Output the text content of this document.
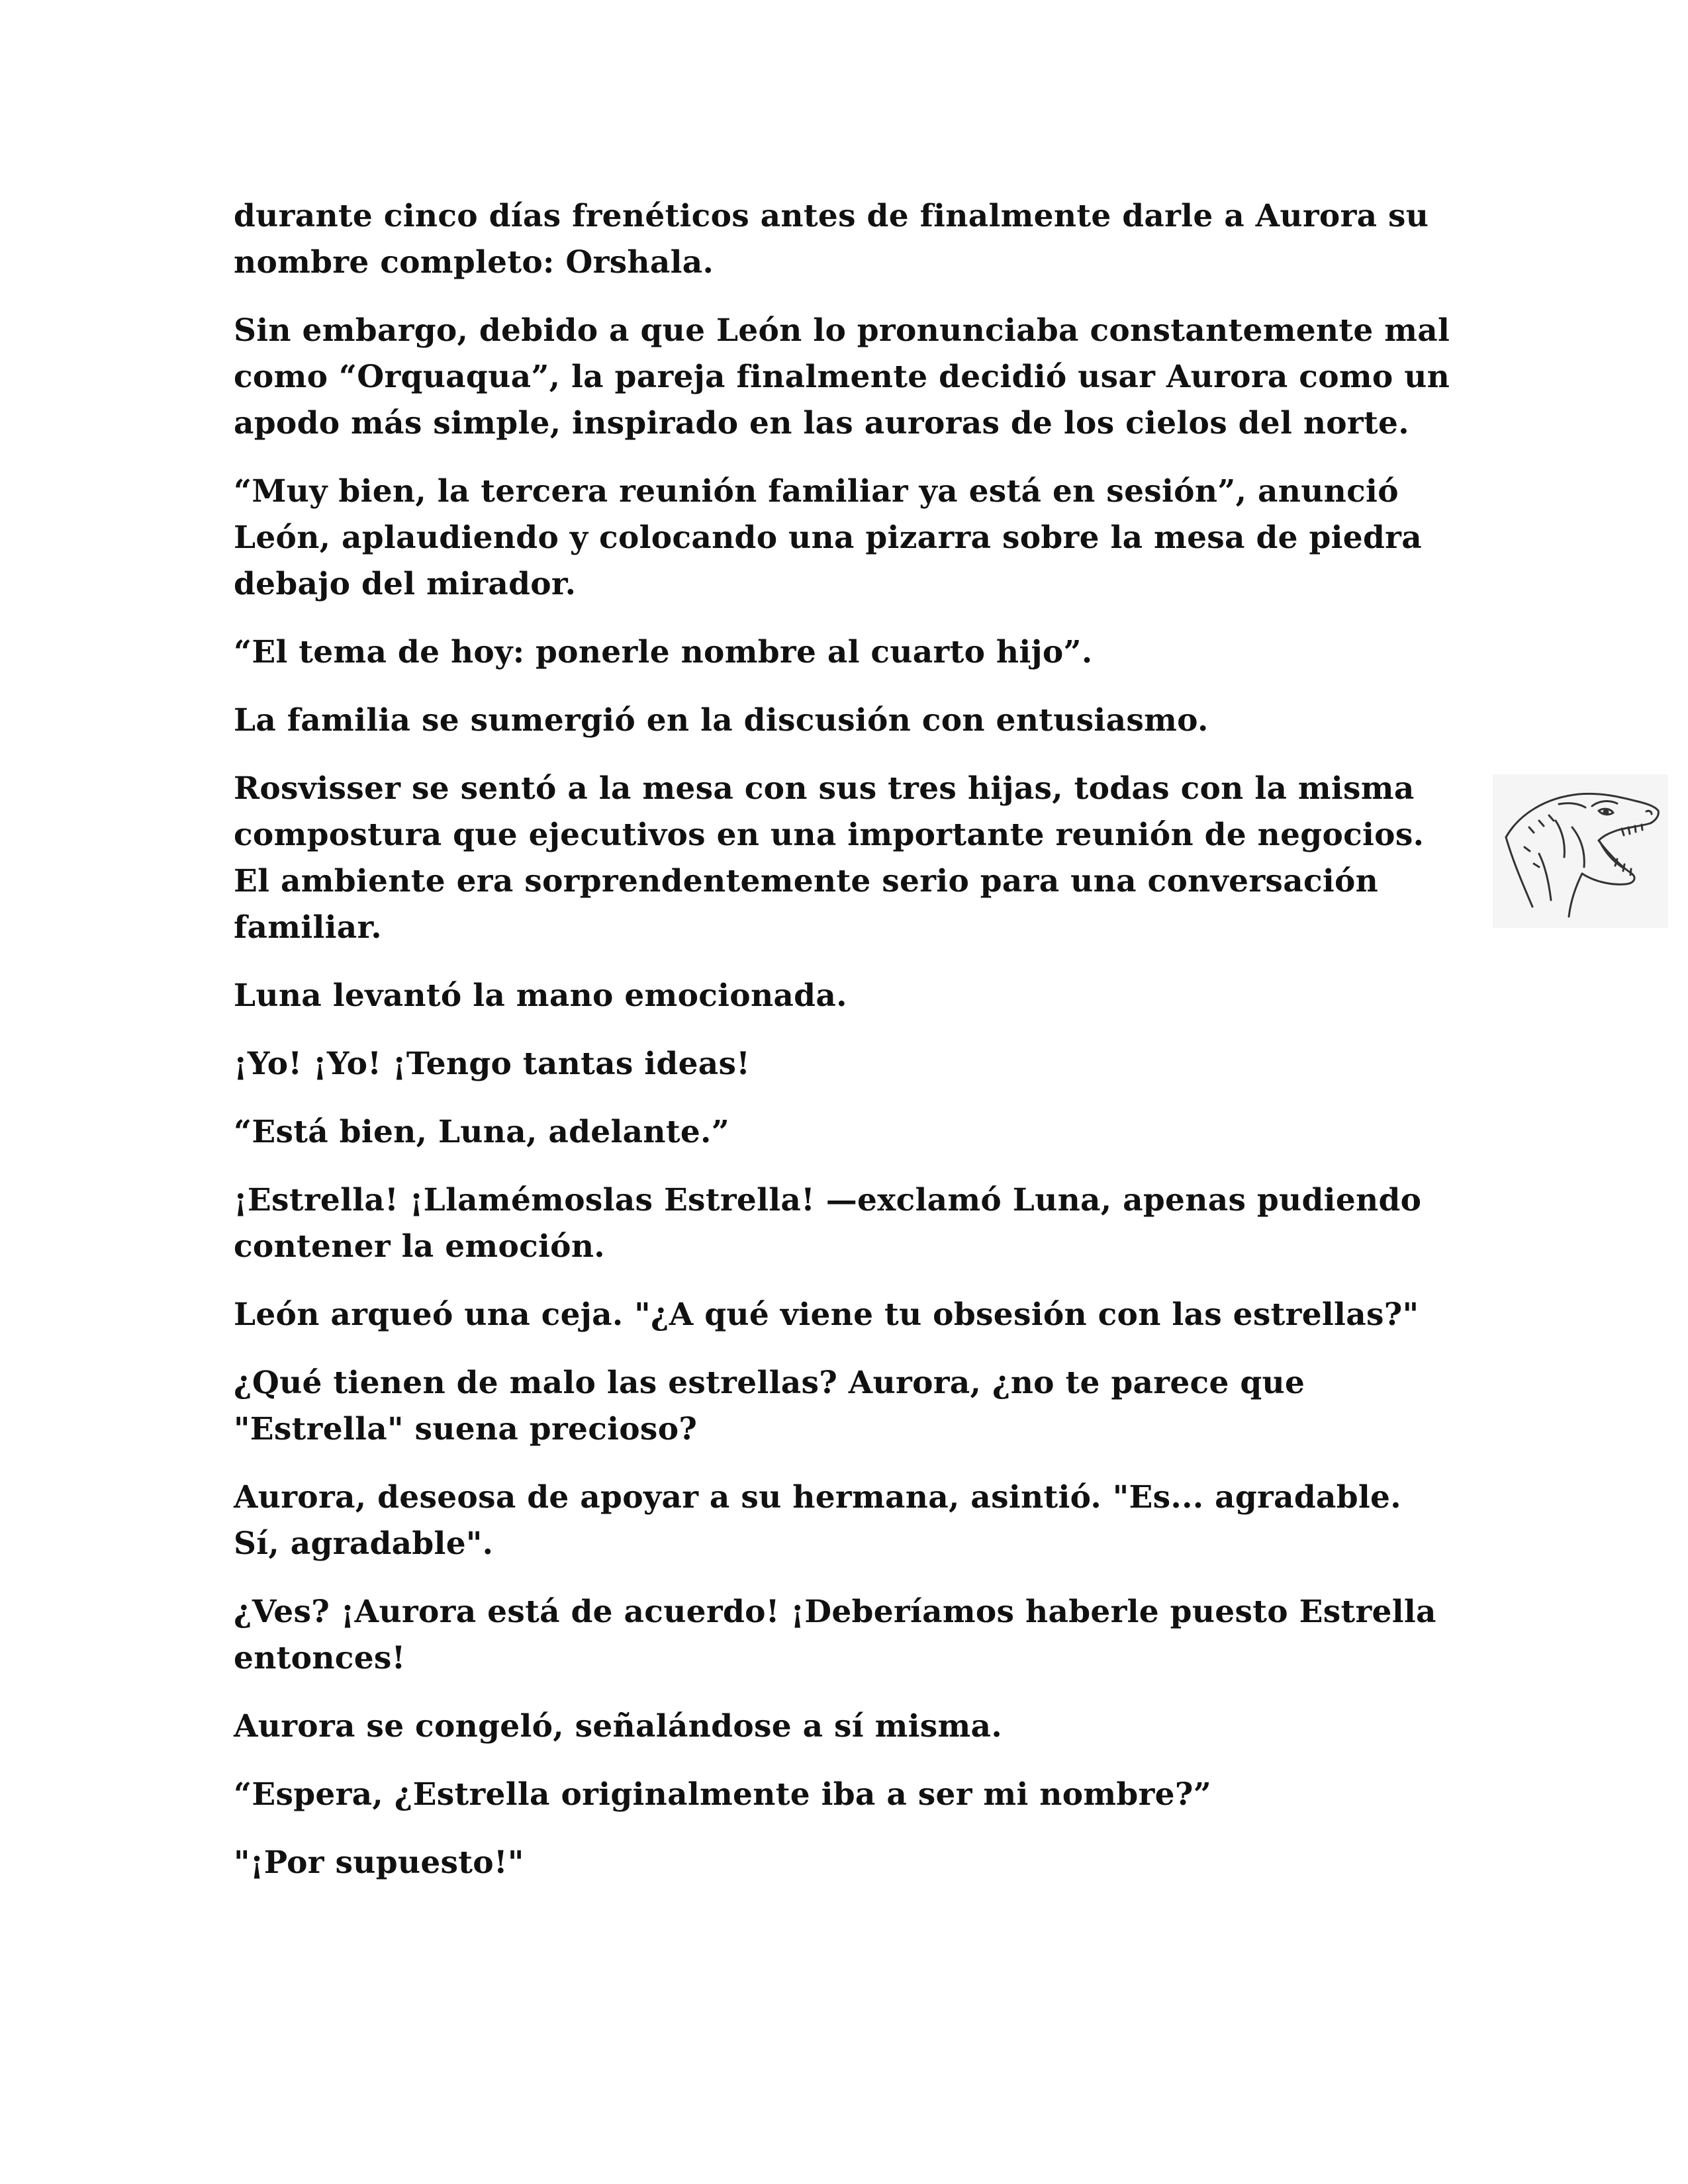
durante cinco días frenéticos antes de finalmente darle a Aurora su nombre completo: Orshala.

Sin embargo, debido a que León lo pronunciaba constantemente mal como “Orquaqua”, la pareja finalmente decidió usar Aurora como un apodo más simple, inspirado en las auroras de los cielos del norte.

“Muy bien, la tercera reunión familiar ya está en sesión”, anunció León, aplaudiendo y colocando una pizarra sobre la mesa de piedra debajo del mirador.

“El tema de hoy: ponerle nombre al cuarto hijo”.

La familia se sumergió en la discusión con entusiasmo.

Rosvisser se sentó a la mesa con sus tres hijas, todas con la misma compostura que ejecutivos en una importante reunión de negocios. El ambiente era sorprendentemente serio para una conversación familiar.

Luna levantó la mano emocionada.

¡Yo! ¡Yo! ¡Tengo tantas ideas!

“Está bien, Luna, adelante.”

¡Estrella! ¡Llamémoslas Estrella! —exclamó Luna, apenas pudiendo contener la emoción.

León arqueó una ceja. "¿A qué viene tu obsesión con las estrellas?"

¿Qué tienen de malo las estrellas? Aurora, ¿no te parece que "Estrella" suena precioso?

Aurora, deseosa de apoyar a su hermana, asintió. "Es... agradable. Sí, agradable".

¿Ves? ¡Aurora está de acuerdo! ¡Deberíamos haberle puesto Estrella entonces!

Aurora se congeló, señalándose a sí misma.

“Espera, ¿Estrella originalmente iba a ser mi nombre?”

"¡Por supuesto!"
